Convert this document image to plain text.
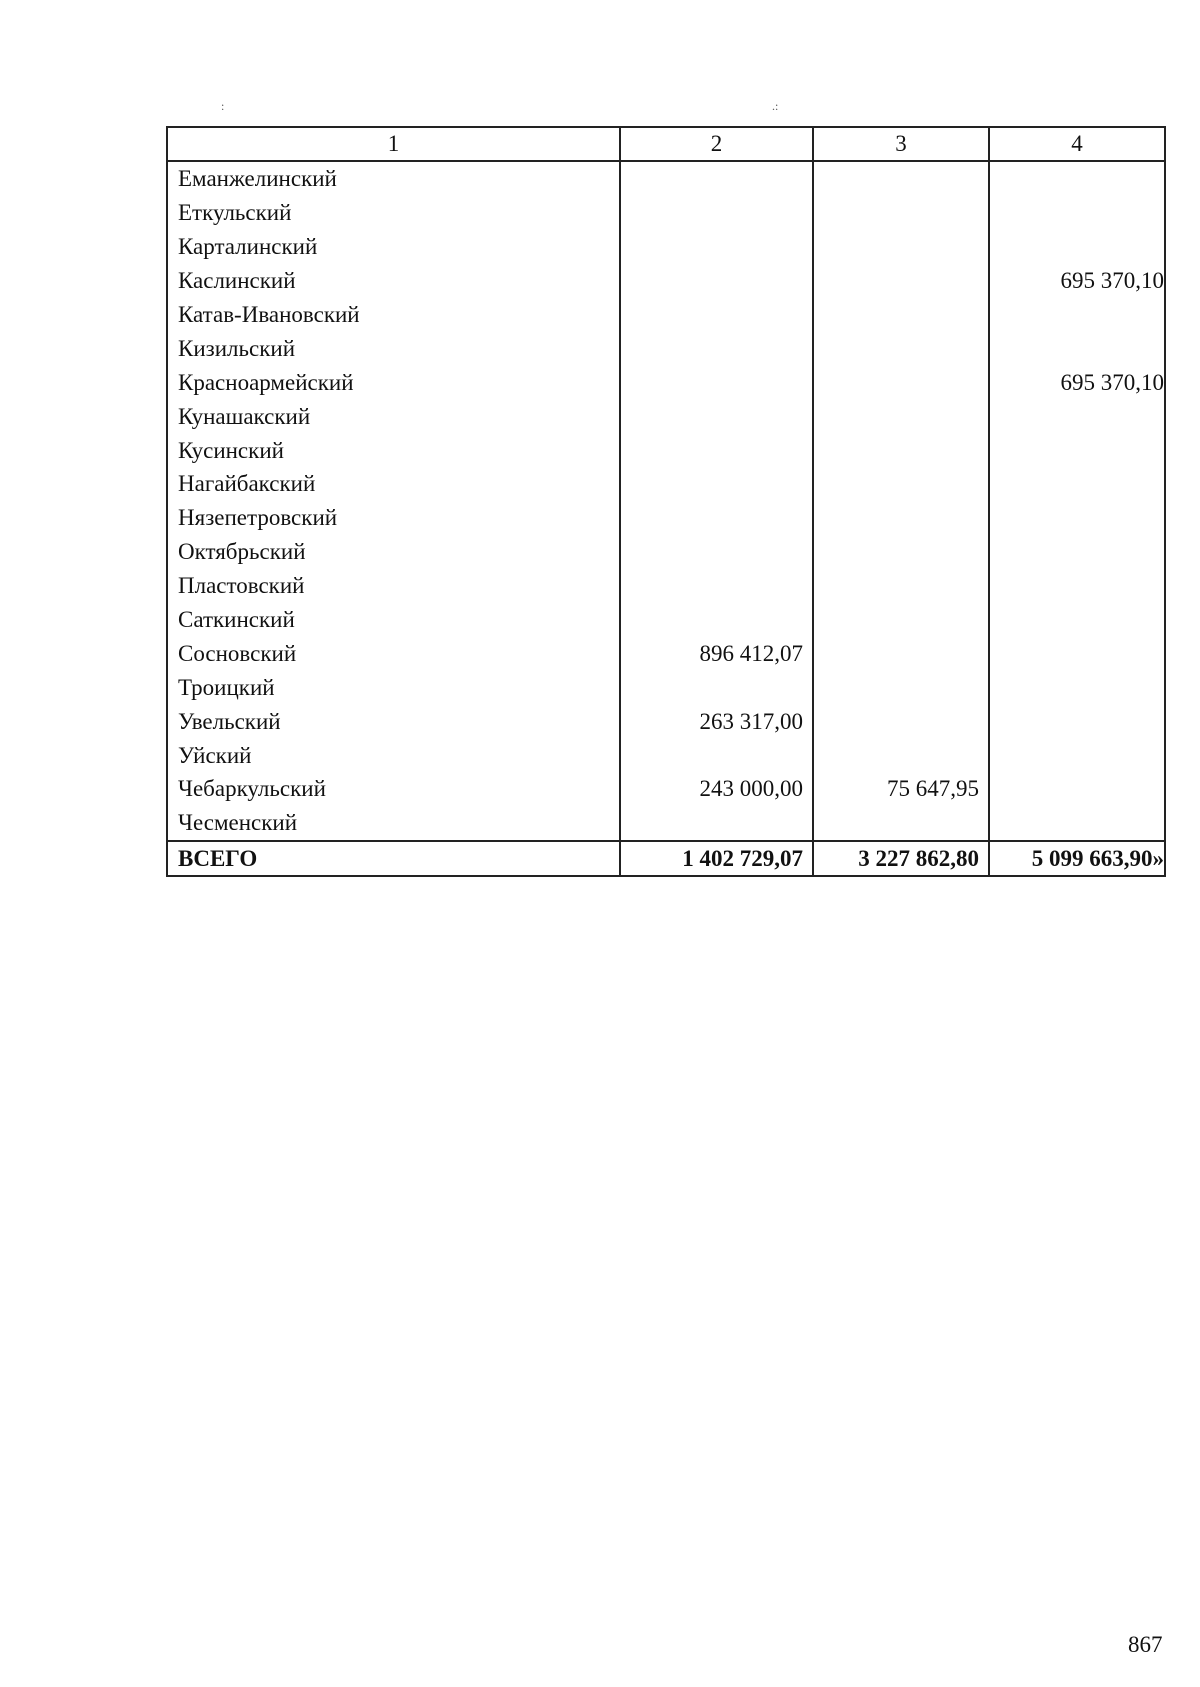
:	.:
1	2	3	4
Еманжелинский			
Еткульский			
Карталинский			
Каслинский			695 370,10
Катав-Ивановский			
Кизильский			
Красноармейский			695 370,10
Кунашакский			
Кусинский			
Нагайбакский			
Нязепетровский			
Октябрьский			
Пластовский			
Саткинский			
Сосновский	896 412,07		
Троицкий			
Увельский	263 317,00		
Уйский			
Чебаркульский	243 000,00	75 647,95	
Чесменский			
ВСЕГО	1 402 729,07	3 227 862,80	5 099 663,90»
867
